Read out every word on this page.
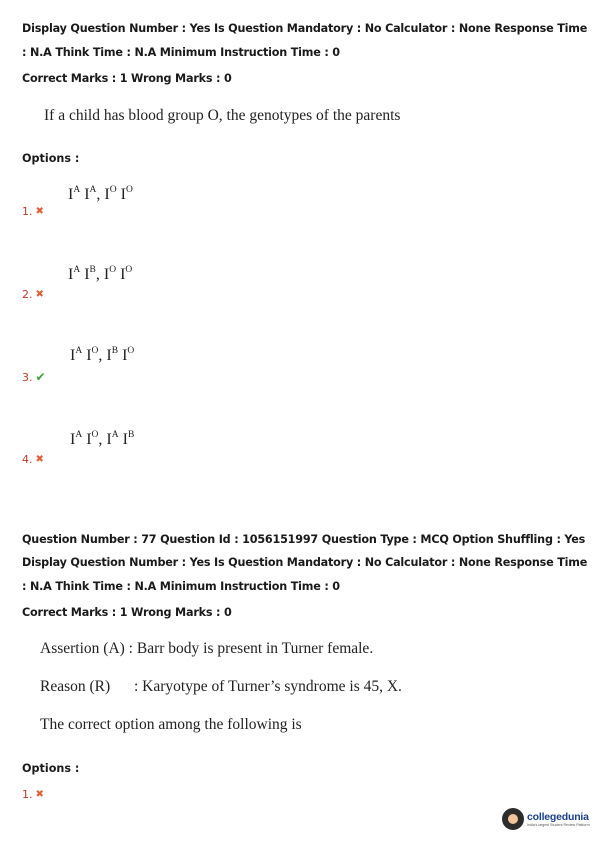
Display Question Number : Yes Is Question Mandatory : No Calculator : None Response Time
: N.A Think Time : N.A Minimum Instruction Time : 0
Correct Marks : 1 Wrong Marks : 0
If a child has blood group O, the genotypes of the parents
Options :
$I^A$ $I^A$, $I^O$ $I^O$
1. ✖
$I^A$ $I^B$, $I^O$ $I^O$
2. ✖
$I^A$ $I^O$, $I^B$ $I^O$
3. ✔
$I^A$ $I^O$, $I^A$ $I^B$
4. ✖
Question Number : 77 Question Id : 1056151997 Question Type : MCQ Option Shuffling : Yes
Display Question Number : Yes Is Question Mandatory : No Calculator : None Response Time
: N.A Think Time : N.A Minimum Instruction Time : 0
Correct Marks : 1 Wrong Marks : 0
Assertion (A) : Barr body is present in Turner female.
Reason (R) : Karyotype of Turner’s syndrome is 45, X.
The correct option among the following is
Options :
1. ✖
collegedunia
India's largest Student Review Platform
